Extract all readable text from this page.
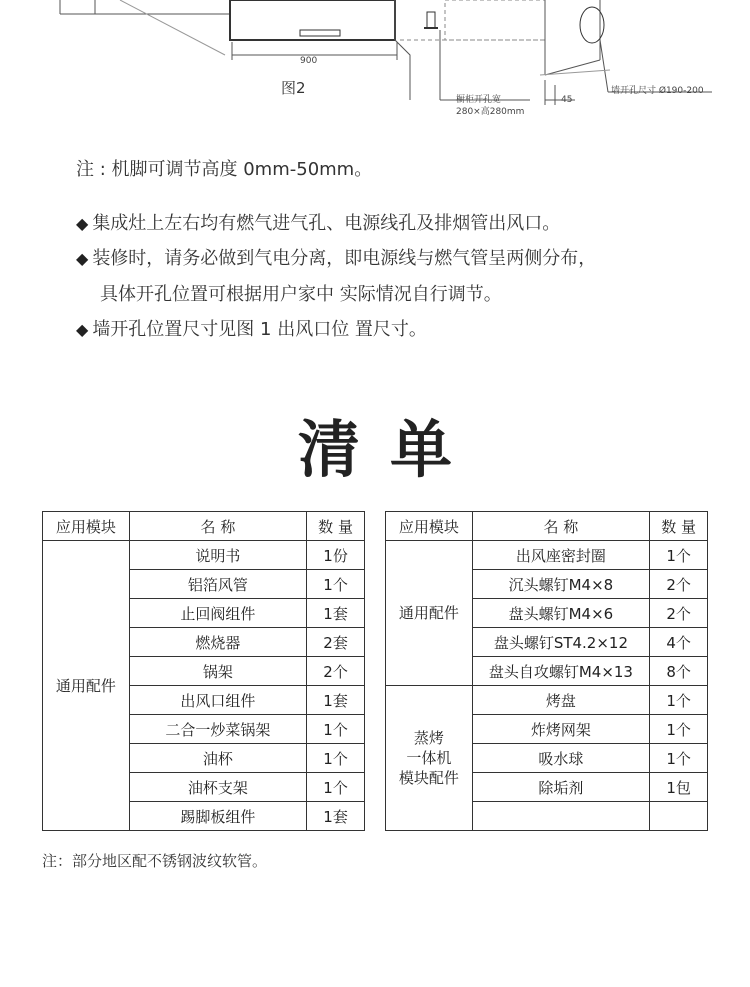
900
图2
橱柜开孔宽
280×高280mm
45
墙开孔尺寸 Ø190-200
注 : 机脚可调节高度 0mm-50mm。
◆ 集成灶上左右均有燃气进气孔、电源线孔及排烟管出风口。
◆ 装修时，请务必做到气电分离，即电源线与燃气管呈两侧分布，
具体开孔位置可根据用户家中 实际情况自行调节。
◆ 墙开孔位置尺寸见图 1 出风口位 置尺寸。
清单
应用模块	名 称	数 量
通用配件	说明书	1份
	铝箔风管	1个
	止回阀组件	1套
	燃烧器	2套
	锅架	2个
	出风口组件	1套
	二合一炒菜锅架	1个
	油杯	1个
	油杯支架	1个
	踢脚板组件	1套
应用模块	名 称	数 量
通用配件	出风座密封圈	1个
	沉头螺钉M4×8	2个
	盘头螺钉M4×6	2个
	盘头螺钉ST4.2×12	4个
	盘头自攻螺钉M4×13	8个

蒸烤
一体机
模块配件	烤盘	1个
	炸烤网架	1个
	吸水球	1个
	除垢剂	1包

注：部分地区配不锈钢波纹软管。
